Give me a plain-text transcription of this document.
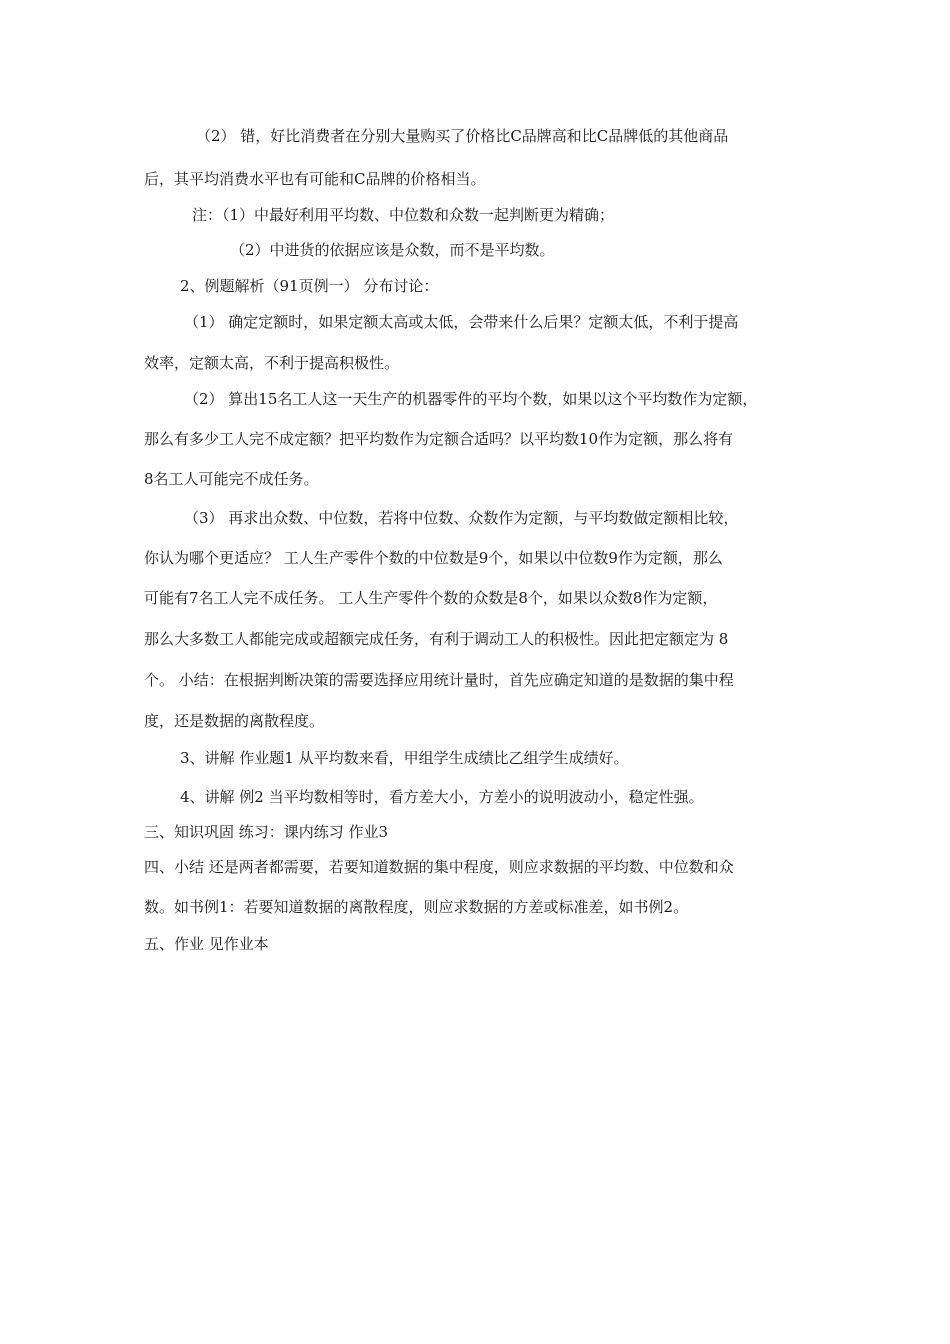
（2） 错，好比消费者在分别大量购买了价格比C品牌高和比C品牌低的其他商品
后，其平均消费水平也有可能和C品牌的价格相当。
注：（1）中最好利用平均数、中位数和众数一起判断更为精确；
（2）中进货的依据应该是众数，而不是平均数。
2、例题解析（91页例一） 分布讨论：
（1） 确定定额时，如果定额太高或太低，会带来什么后果？定额太低，不利于提高
效率，定额太高，不利于提高积极性。
（2） 算出15名工人这一天生产的机器零件的平均个数，如果以这个平均数作为定额，
那么有多少工人完不成定额？把平均数作为定额合适吗？以平均数10作为定额，那么将有
8名工人可能完不成任务。
（3） 再求出众数、中位数，若将中位数、众数作为定额，与平均数做定额相比较，
你认为哪个更适应？ 工人生产零件个数的中位数是9个，如果以中位数9作为定额，那么
可能有7名工人完不成任务。 工人生产零件个数的众数是8个，如果以众数8作为定额，
那么大多数工人都能完成或超额完成任务，有利于调动工人的积极性。因此把定额定为 8
个。 小结：在根据判断决策的需要选择应用统计量时，首先应确定知道的是数据的集中程
度，还是数据的离散程度。
3、讲解 作业题1 从平均数来看，甲组学生成绩比乙组学生成绩好。
4、讲解 例2 当平均数相等时，看方差大小，方差小的说明波动小，稳定性强。
三、知识巩固 练习：课内练习 作业3
四、小结 还是两者都需要，若要知道数据的集中程度，则应求数据的平均数、中位数和众
数。如书例1：若要知道数据的离散程度，则应求数据的方差或标准差，如书例2。
五、作业 见作业本
